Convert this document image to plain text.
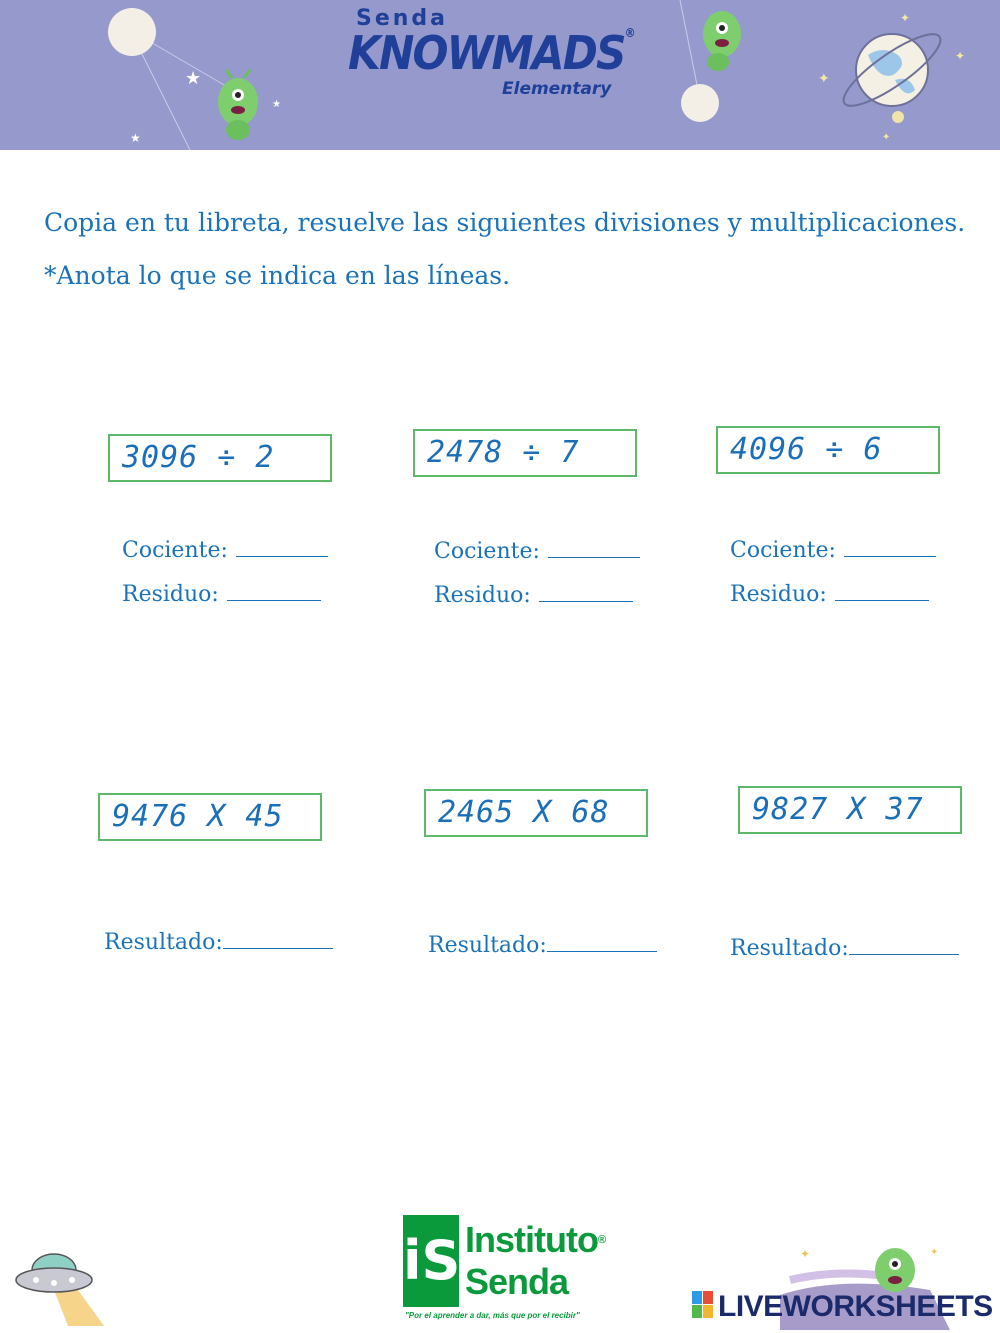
★
★
★
✦
✦
✦
✦
Senda
KNOWMADS®
Elementary
Copia en tu libreta, resuelve las siguientes divisiones y multiplicaciones.
*Anota lo que se indica en las líneas.
3096 ÷ 2	2478 ÷ 7	4096 ÷ 6
Cociente:
Residuo:
Cociente:
Residuo:
Cociente:
Residuo:
9476 X 45	2465 X 68	9827 X 37
Resultado:	Resultado:	Resultado:
iS Instituto®
Senda
"Por el aprender a dar, más que por el recibir"
✦	✦
LIVEWORKSHEETS
